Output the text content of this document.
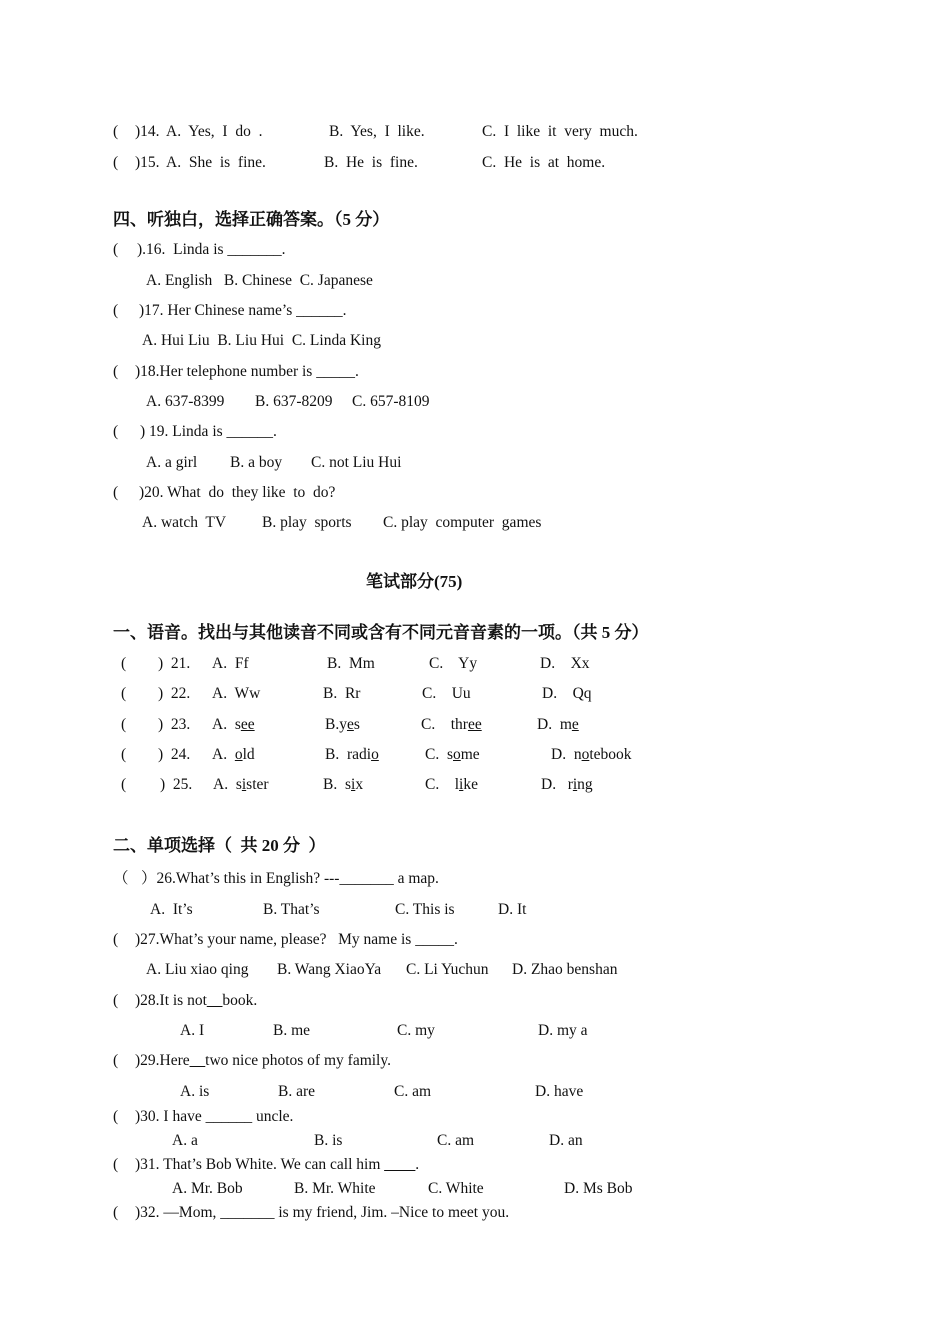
(

)14.

A.  Yes,  I  do  .

	B.  Yes,  I  like.

	C.  I  like  it  very  much.

(

)15.

A.  She  is  fine.

	B.  He  is  fine.

	C.  He  is  at  home.

四、听独白，选择正确答案。（5 分）

(

).16.  Linda is _______.

A. English   B. Chinese  C. Japanese

(

)17. Her Chinese name’s ______.

A. Hui Liu  B. Liu Hui  C. Linda King

(

)18.Her telephone number is _____.

A. 637-8399

B. 637-8209

C. 657-8109

(

) 19. Linda is ______.

A. a girl

B. a boy

C. not Liu Hui

(

)20. What  do  they like  to  do?

A. watch  TV

B. play  sports

C. play  computer  games

笔试部分(75)
一、语音。找出与其他读音不同或含有不同元音音素的一项。（共 5 分）

(

)  21.

A.  Ff

	B.  Mm

	C.    Yy

	D.    Xx

(

)  22.

A.  Ww

	B.  Rr

	C.    Uu

	D.    Qq

(

)  23.

A.  see

	B.yes

	C.    three

	D.  me

(

)  24.

A.  old

	B.  radio

	C.  some

	D.  notebook

(

)  25.

A.  sister

	B.  six

	C.    like

	D.   ring

二、单项选择（  共 20 分  ）

（

）26.What’s this in English? ---_______ a map.

A.  It’s

	B. That’s

	C. This is

	D. It

(

)27.What’s your name, please?   My name is _____.

A. Liu xiao qing

B. Wang XiaoYa

C. Li Yuchun

D. Zhao benshan

(

)28.It is not__book.

A. I

	B. me

	C. my

	D. my a

(

)29.Here__two nice photos of my family.

A. is

	B. are

	C. am

	D. have

(

)30. I have ______ uncle.

A. a

	B. is

	C. am

	D. an

(

)31. That’s Bob White. We can call him ____.

A. Mr. Bob

	B. Mr. White

	C. White

	D. Ms Bob

(

)32. —Mom, _______ is my friend, Jim. –Nice to meet you.
